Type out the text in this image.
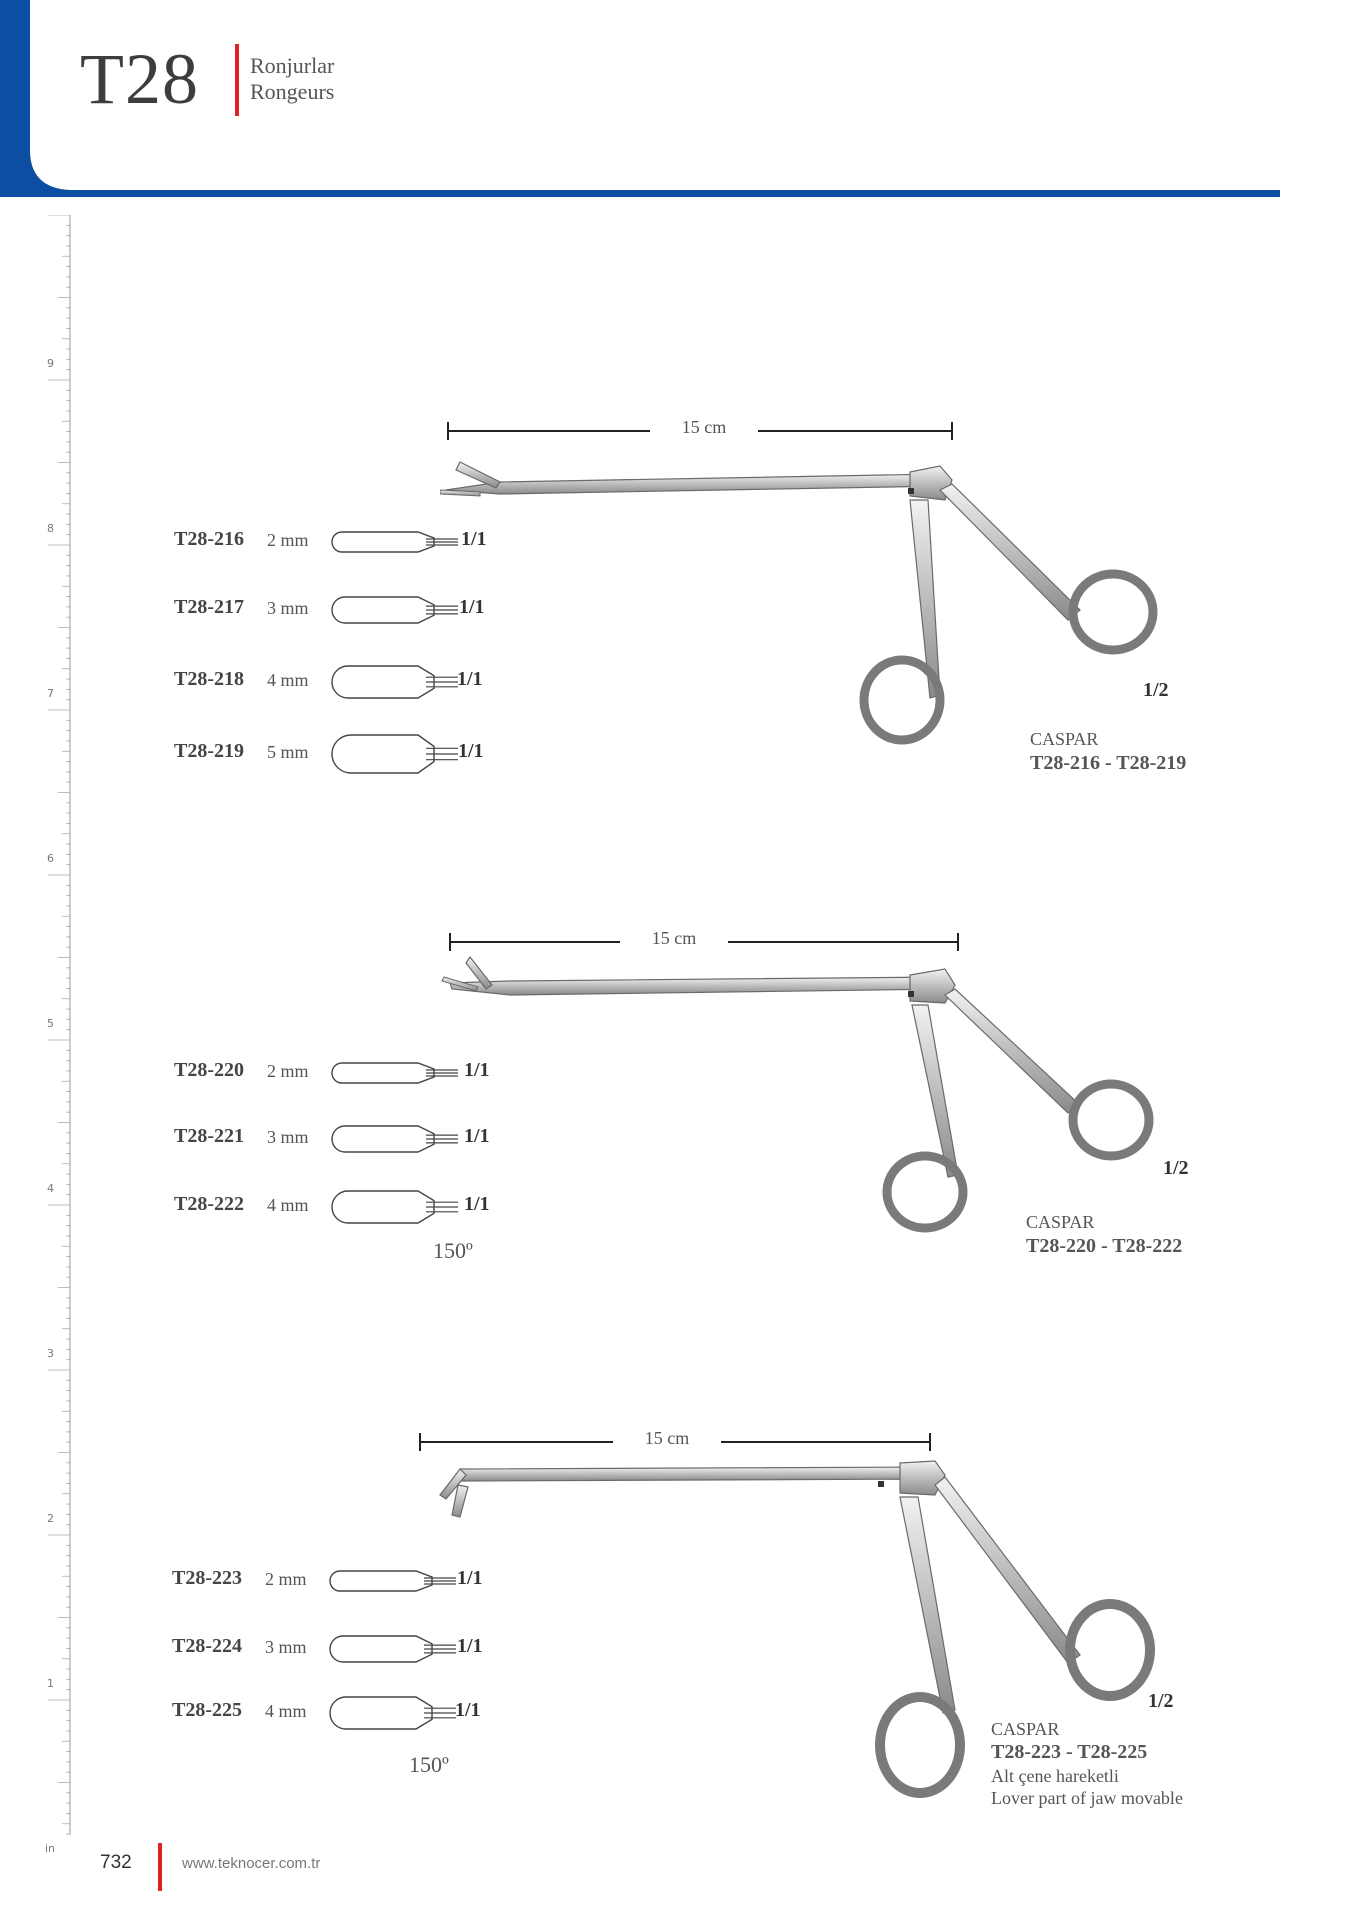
T28 Ronjurlar
Rongeurs
9
8
7
6
5
4
3
2
1
in
15 cm
1/2
CASPAR
T28-216 - T28-219
T28-216 2 mm	1/1
T28-217 3 mm	1/1
T28-218 4 mm	1/1
T28-219 5 mm	1/1
15 cm
1/2
CASPAR
T28-220 - T28-222
150º
T28-220 2 mm	1/1
T28-221 3 mm	1/1
T28-222 4 mm	1/1
15 cm
1/2
CASPAR
T28-223 - T28-225
Alt çene hareketli
Lover part of jaw movable
150º
T28-223 2 mm	1/1
T28-224 3 mm	1/1
T28-225 4 mm	1/1
732	www.teknocer.com.tr
